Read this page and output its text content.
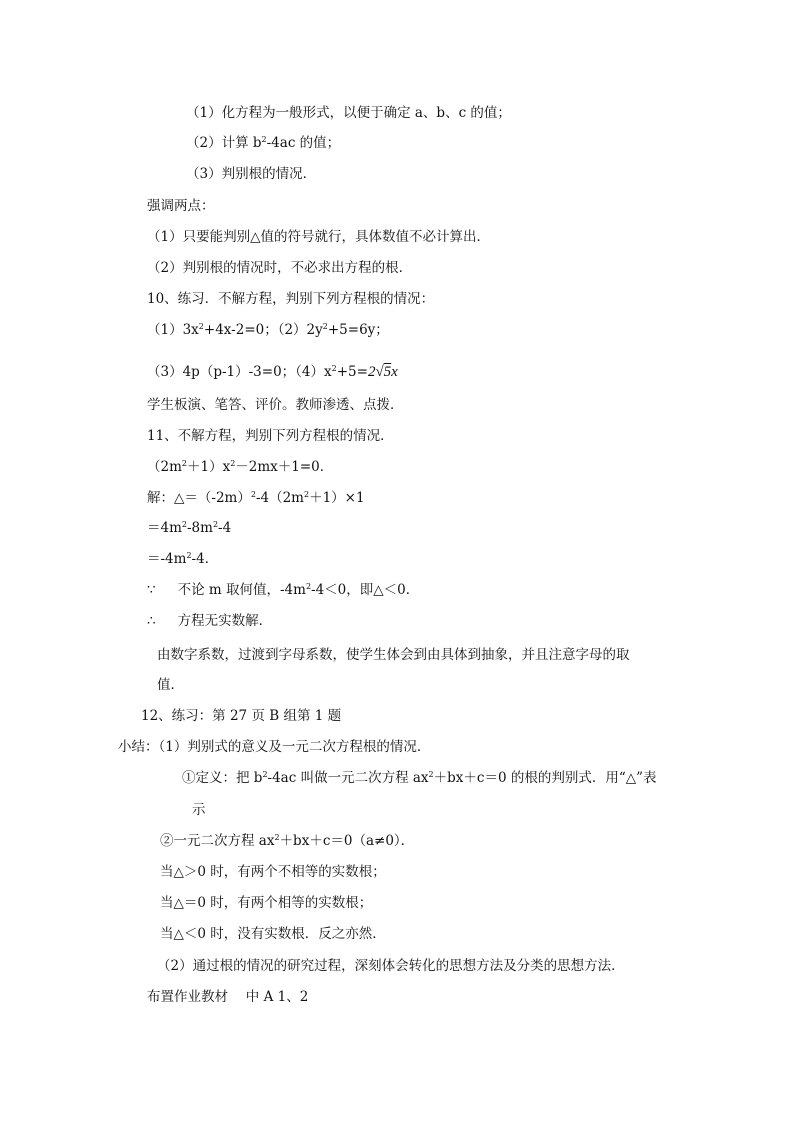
（1）化方程为一般形式，以便于确定 a、b、c 的值；
（2）计算 $b^2-4ac$ 的值；
（3）判别根的情况．
强调两点：
（1）只要能判别△值的符号就行，具体数值不必计算出．
（2）判别根的情况时，不必求出方程的根．
10、练习．不解方程，判别下列方程根的情况：
$(1)3x^2+4x-2=0$；$(2)2y^2+5=6y$；
（3）4p（p-1）-3=0；$(4)x^2+5=2√5x$
学生板演、笔答、评价。教师渗透、点拨．
11、不解方程，判别下列方程根的情况．
$(2m^2+1)x^2-2mx+1=0$．
解：$\triangle=(-2m)^2-4(2m^2+1)\times 1$
$=4m^2-8m^2-4$
$=-4m^2-4$．
∵ 不论 m 取何值，$-4m^2-4<0$，即△＜0．
∴ 方程无实数解．
由数字系数，过渡到字母系数，使学生体会到由具体到抽象，并且注意字母的取
值．
12、练习：第 27 页 B 组第 1 题
小结：（1）判别式的意义及一元二次方程根的情况．
①定义：把 $b^2-4ac$ 叫做一元二次方程 $ax^2+bx+c=0$ 的根的判别式．用“△”表
示
②一元二次方程 $ax^2+bx+c=0(a\ne 0)$．
当△＞0 时，有两个不相等的实数根；
当△＝0 时，有两个相等的实数根；
当△＜0 时，没有实数根．反之亦然．
（2）通过根的情况的研究过程，深刻体会转化的思想方法及分类的思想方法．
布置作业教材　 中 A 1、2
